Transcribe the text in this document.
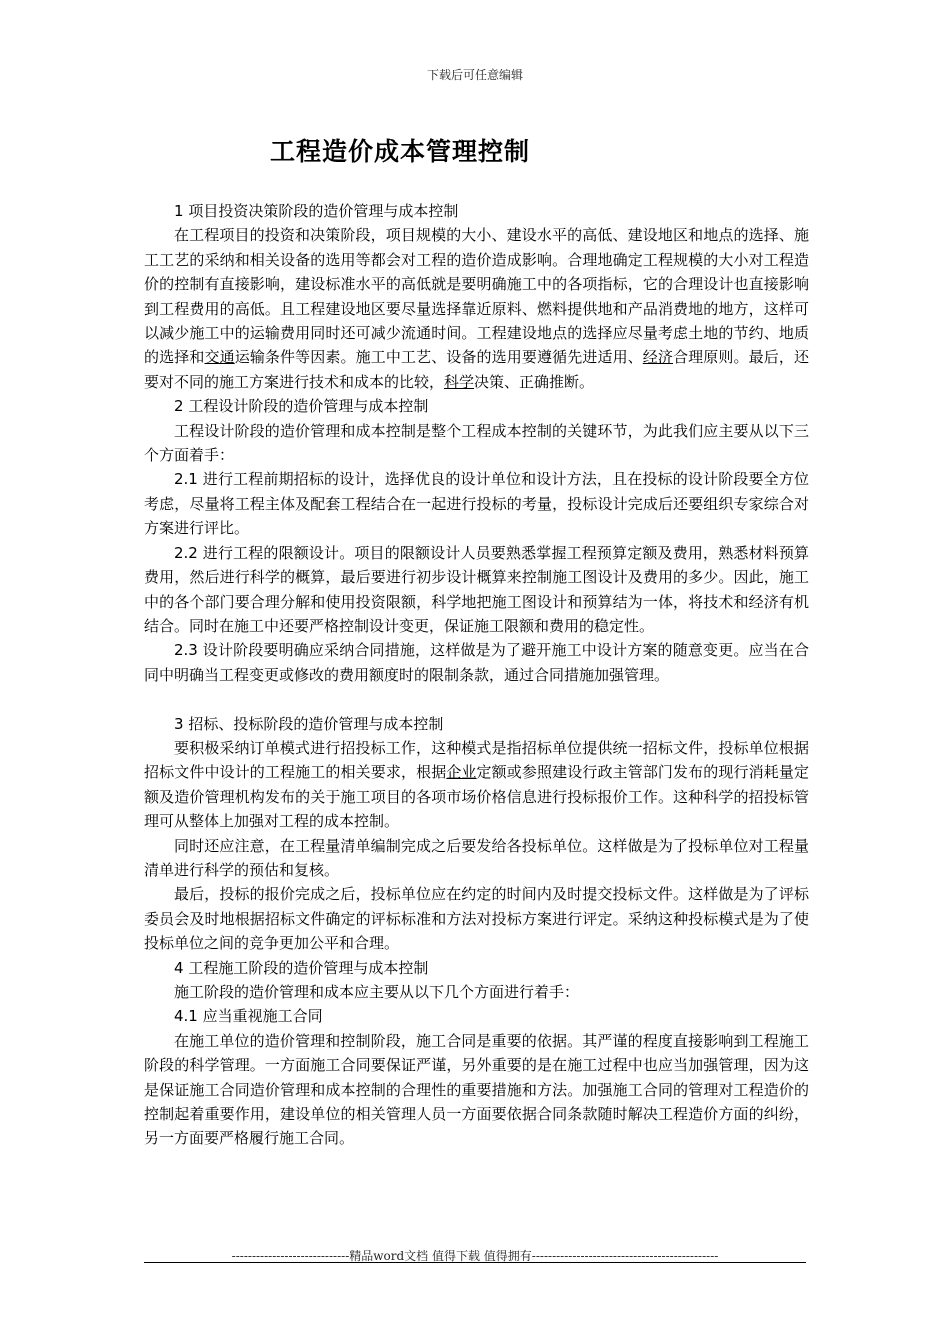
下载后可任意编辑
工程造价成本管理控制

1 项目投资决策阶段的造价管理与成本控制

在工程项目的投资和决策阶段，项目规模的大小、建设水平的高低、建设地区和地点的选择、施工工艺的采纳和相关设备的选用等都会对工程的造价造成影响。合理地确定工程规模的大小对工程造价的控制有直接影响，建设标准水平的高低就是要明确施工中的各项指标，它的合理设计也直接影响到工程费用的高低。且工程建设地区要尽量选择靠近原料、燃料提供地和产品消费地的地方，这样可以减少施工中的运输费用同时还可减少流通时间。工程建设地点的选择应尽量考虑土地的节约、地质的选择和交通运输条件等因素。施工中工艺、设备的选用要遵循先进适用、经济合理原则。最后，还要对不同的施工方案进行技术和成本的比较，科学决策、正确推断。

2 工程设计阶段的造价管理与成本控制

工程设计阶段的造价管理和成本控制是整个工程成本控制的关键环节，为此我们应主要从以下三个方面着手：

2.1 进行工程前期招标的设计，选择优良的设计单位和设计方法，且在投标的设计阶段要全方位考虑，尽量将工程主体及配套工程结合在一起进行投标的考量，投标设计完成后还要组织专家综合对方案进行评比。

2.2 进行工程的限额设计。项目的限额设计人员要熟悉掌握工程预算定额及费用，熟悉材料预算费用，然后进行科学的概算，最后要进行初步设计概算来控制施工图设计及费用的多少。因此，施工中的各个部门要合理分解和使用投资限额，科学地把施工图设计和预算结为一体，将技术和经济有机结合。同时在施工中还要严格控制设计变更，保证施工限额和费用的稳定性。

2.3 设计阶段要明确应采纳合同措施，这样做是为了避开施工中设计方案的随意变更。应当在合同中明确当工程变更或修改的费用额度时的限制条款，通过合同措施加强管理。

3 招标、投标阶段的造价管理与成本控制

要积极采纳订单模式进行招投标工作，这种模式是指招标单位提供统一招标文件，投标单位根据招标文件中设计的工程施工的相关要求，根据企业定额或参照建设行政主管部门发布的现行消耗量定额及造价管理机构发布的关于施工项目的各项市场价格信息进行投标报价工作。这种科学的招投标管理可从整体上加强对工程的成本控制。

同时还应注意，在工程量清单编制完成之后要发给各投标单位。这样做是为了投标单位对工程量清单进行科学的预估和复核。

最后，投标的报价完成之后，投标单位应在约定的时间内及时提交投标文件。这样做是为了评标委员会及时地根据招标文件确定的评标标准和方法对投标方案进行评定。采纳这种投标模式是为了使投标单位之间的竞争更加公平和合理。

4 工程施工阶段的造价管理与成本控制

施工阶段的造价管理和成本应主要从以下几个方面进行着手：

4.1 应当重视施工合同

在施工单位的造价管理和控制阶段，施工合同是重要的依据。其严谨的程度直接影响到工程施工阶段的科学管理。一方面施工合同要保证严谨，另外重要的是在施工过程中也应当加强管理，因为这是保证施工合同造价管理和成本控制的合理性的重要措施和方法。加强施工合同的管理对工程造价的控制起着重要作用，建设单位的相关管理人员一方面要依据合同条款随时解决工程造价方面的纠纷，另一方面要严格履行施工合同。

-----------------------------精品word文档 值得下载 值得拥有----------------------------------------------
